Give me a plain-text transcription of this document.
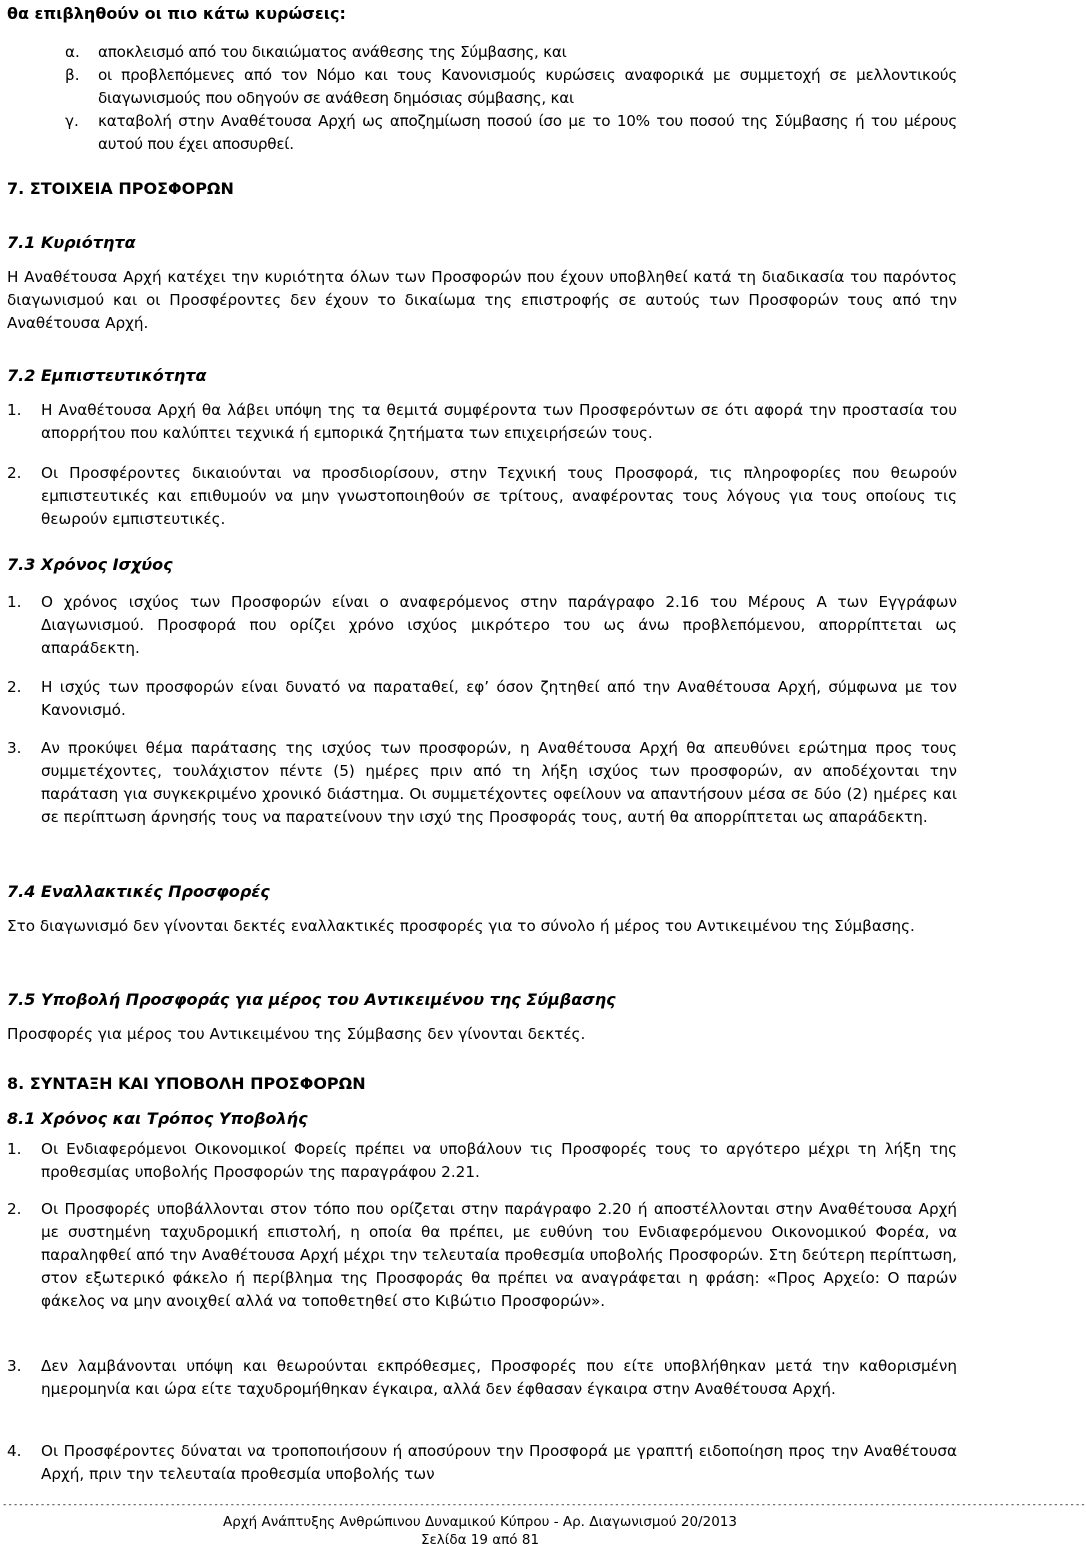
θα επιβληθούν οι πιο κάτω κυρώσεις:

α.	αποκλεισμό από του δικαιώματος ανάθεσης της Σύμβασης, και

β.	οι προβλεπόμενες από τον Νόμο και τους Κανονισμούς κυρώσεις αναφορικά με συμμετοχή σε μελλοντικούς διαγωνισμούς που οδηγούν σε ανάθεση δημόσιας σύμβασης, και

γ.	καταβολή στην Αναθέτουσα Αρχή ως αποζημίωση ποσού ίσο με το 10% του ποσού της Σύμβασης ή του μέρους αυτού που έχει αποσυρθεί.

7. ΣΤΟΙΧΕΙΑ ΠΡΟΣΦΟΡΩΝ
7.1 Κυριότητα

Η Αναθέτουσα Αρχή κατέχει την κυριότητα όλων των Προσφορών που έχουν υποβληθεί κατά τη διαδικασία του παρόντος διαγωνισμού και οι Προσφέροντες δεν έχουν το δικαίωμα της επιστροφής σε αυτούς των Προσφορών τους από την Αναθέτουσα Αρχή.

7.2 Εμπιστευτικότητα
1.	Η Αναθέτουσα Αρχή θα λάβει υπόψη της τα θεμιτά συμφέροντα των Προσφερόντων σε ότι αφορά την προστασία του απορρήτου που καλύπτει τεχνικά ή εμπορικά ζητήματα των επιχειρήσεών τους.

2.	Οι Προσφέροντες δικαιούνται να προσδιορίσουν, στην Τεχνική τους Προσφορά, τις πληροφορίες που θεωρούν εμπιστευτικές και επιθυμούν να μην γνωστοποιηθούν σε τρίτους, αναφέροντας τους λόγους για τους οποίους τις θεωρούν εμπιστευτικές.

7.3 Χρόνος Ισχύος
1.	Ο χρόνος ισχύος των Προσφορών είναι ο αναφερόμενος στην παράγραφο 2.16 του Μέρους Α των Εγγράφων Διαγωνισμού. Προσφορά που ορίζει χρόνο ισχύος μικρότερο του ως άνω προβλεπόμενου, απορρίπτεται ως απαράδεκτη.

2.	Η ισχύς των προσφορών είναι δυνατό να παραταθεί, εφ’ όσον ζητηθεί από την Αναθέτουσα Αρχή, σύμφωνα με τον Κανονισμό.

3.	Αν προκύψει θέμα παράτασης της ισχύος των προσφορών, η Αναθέτουσα Αρχή θα απευθύνει ερώτημα προς τους συμμετέχοντες, τουλάχιστον πέντε (5) ημέρες πριν από τη λήξη ισχύος των προσφορών, αν αποδέχονται την παράταση για συγκεκριμένο χρονικό διάστημα. Οι συμμετέχοντες οφείλουν να απαντήσουν μέσα σε δύο (2) ημέρες και σε περίπτωση άρνησής τους να παρατείνουν την ισχύ της Προσφοράς τους, αυτή θα απορρίπτεται ως απαράδεκτη.

7.4 Εναλλακτικές Προσφορές

Στο διαγωνισμό δεν γίνονται δεκτές εναλλακτικές προσφορές για το σύνολο ή μέρος του Αντικειμένου της Σύμβασης.

7.5 Υποβολή Προσφοράς για μέρος του Αντικειμένου της Σύμβασης

Προσφορές για μέρος του Αντικειμένου της Σύμβασης δεν γίνονται δεκτές.

8. ΣΥΝΤΑΞΗ ΚΑΙ ΥΠΟΒΟΛΗ ΠΡΟΣΦΟΡΩΝ
8.1 Χρόνος και Τρόπος Υποβολής
1.	Οι Ενδιαφερόμενοι Οικονομικοί Φορείς πρέπει να υποβάλουν τις Προσφορές τους το αργότερο μέχρι τη λήξη της προθεσμίας υποβολής Προσφορών της παραγράφου 2.21.

2.	Οι Προσφορές υποβάλλονται στον τόπο που ορίζεται στην παράγραφο 2.20 ή αποστέλλονται στην Αναθέτουσα Αρχή με συστημένη ταχυδρομική επιστολή, η οποία θα πρέπει, με ευθύνη του Ενδιαφερόμενου Οικονομικού Φορέα, να παραληφθεί από την Αναθέτουσα Αρχή μέχρι την τελευταία προθεσμία υποβολής Προσφορών. Στη δεύτερη περίπτωση, στον εξωτερικό φάκελο ή περίβλημα της Προσφοράς θα πρέπει να αναγράφεται η φράση: «Προς Αρχείο: Ο παρών φάκελος να μην ανοιχθεί αλλά να τοποθετηθεί στο Κιβώτιο Προσφορών».

3.	Δεν λαμβάνονται υπόψη και θεωρούνται εκπρόθεσμες, Προσφορές που είτε υποβλήθηκαν μετά την καθορισμένη ημερομηνία και ώρα είτε ταχυδρομήθηκαν έγκαιρα, αλλά δεν έφθασαν έγκαιρα στην Αναθέτουσα Αρχή.

4.	Οι Προσφέροντες δύναται να τροποποιήσουν ή αποσύρουν την Προσφορά με γραπτή ειδοποίηση προς την Αναθέτουσα Αρχή, πριν την τελευταία προθεσμία υποβολής των

--------------------------------------------------------------------------------------------------------------------------------------------------------------------------------------------------------
Αρχή Ανάπτυξης Ανθρώπινου Δυναμικού Κύπρου - Αρ. Διαγωνισμού 20/2013
Σελίδα 19 από 81
